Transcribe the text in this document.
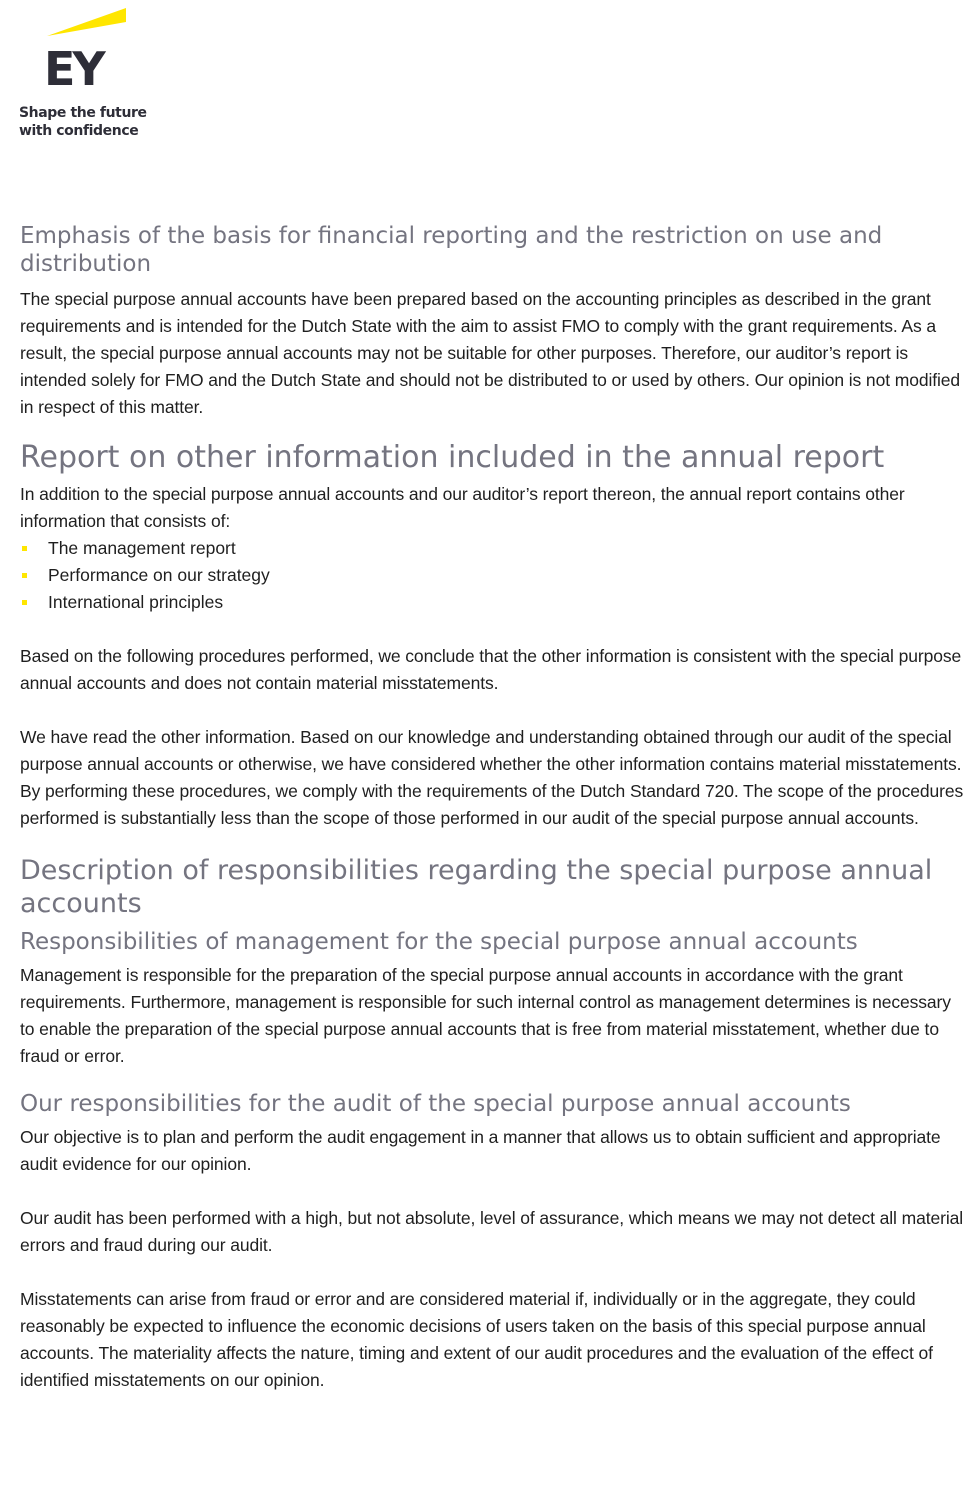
EY
Shape the future
with confidence
Emphasis of the basis for financial reporting and the restriction on use and distribution

The special purpose annual accounts have been prepared based on the accounting principles as described in the grant requirements and is intended for the Dutch State with the aim to assist FMO to comply with the grant requirements. As a result, the special purpose annual accounts may not be suitable for other purposes. Therefore, our auditor’s report is intended solely for FMO and the Dutch State and should not be distributed to or used by others. Our opinion is not modified in respect of this matter.

Report on other information included in the annual report

In addition to the special purpose annual accounts and our auditor’s report thereon, the annual report contains other information that consists of:

The management report
Performance on our strategy
International principles

Based on the following procedures performed, we conclude that the other information is consistent with the special purpose annual accounts and does not contain material misstatements.

We have read the other information. Based on our knowledge and understanding obtained through our audit of the special purpose annual accounts or otherwise, we have considered whether the other information contains material misstatements. By performing these procedures, we comply with the requirements of the Dutch Standard 720. The scope of the procedures performed is substantially less than the scope of those performed in our audit of the special purpose annual accounts.

Description of responsibilities regarding the special purpose annual accounts
Responsibilities of management for the special purpose annual accounts

Management is responsible for the preparation of the special purpose annual accounts in accordance with the grant requirements. Furthermore, management is responsible for such internal control as management determines is necessary to enable the preparation of the special purpose annual accounts that is free from material misstatement, whether due to fraud or error.

Our responsibilities for the audit of the special purpose annual accounts

Our objective is to plan and perform the audit engagement in a manner that allows us to obtain sufficient and appropriate audit evidence for our opinion.

Our audit has been performed with a high, but not absolute, level of assurance, which means we may not detect all material errors and fraud during our audit.

Misstatements can arise from fraud or error and are considered material if, individually or in the aggregate, they could reasonably be expected to influence the economic decisions of users taken on the basis of this special purpose annual accounts. The materiality affects the nature, timing and extent of our audit procedures and the evaluation of the effect of identified misstatements on our opinion.
